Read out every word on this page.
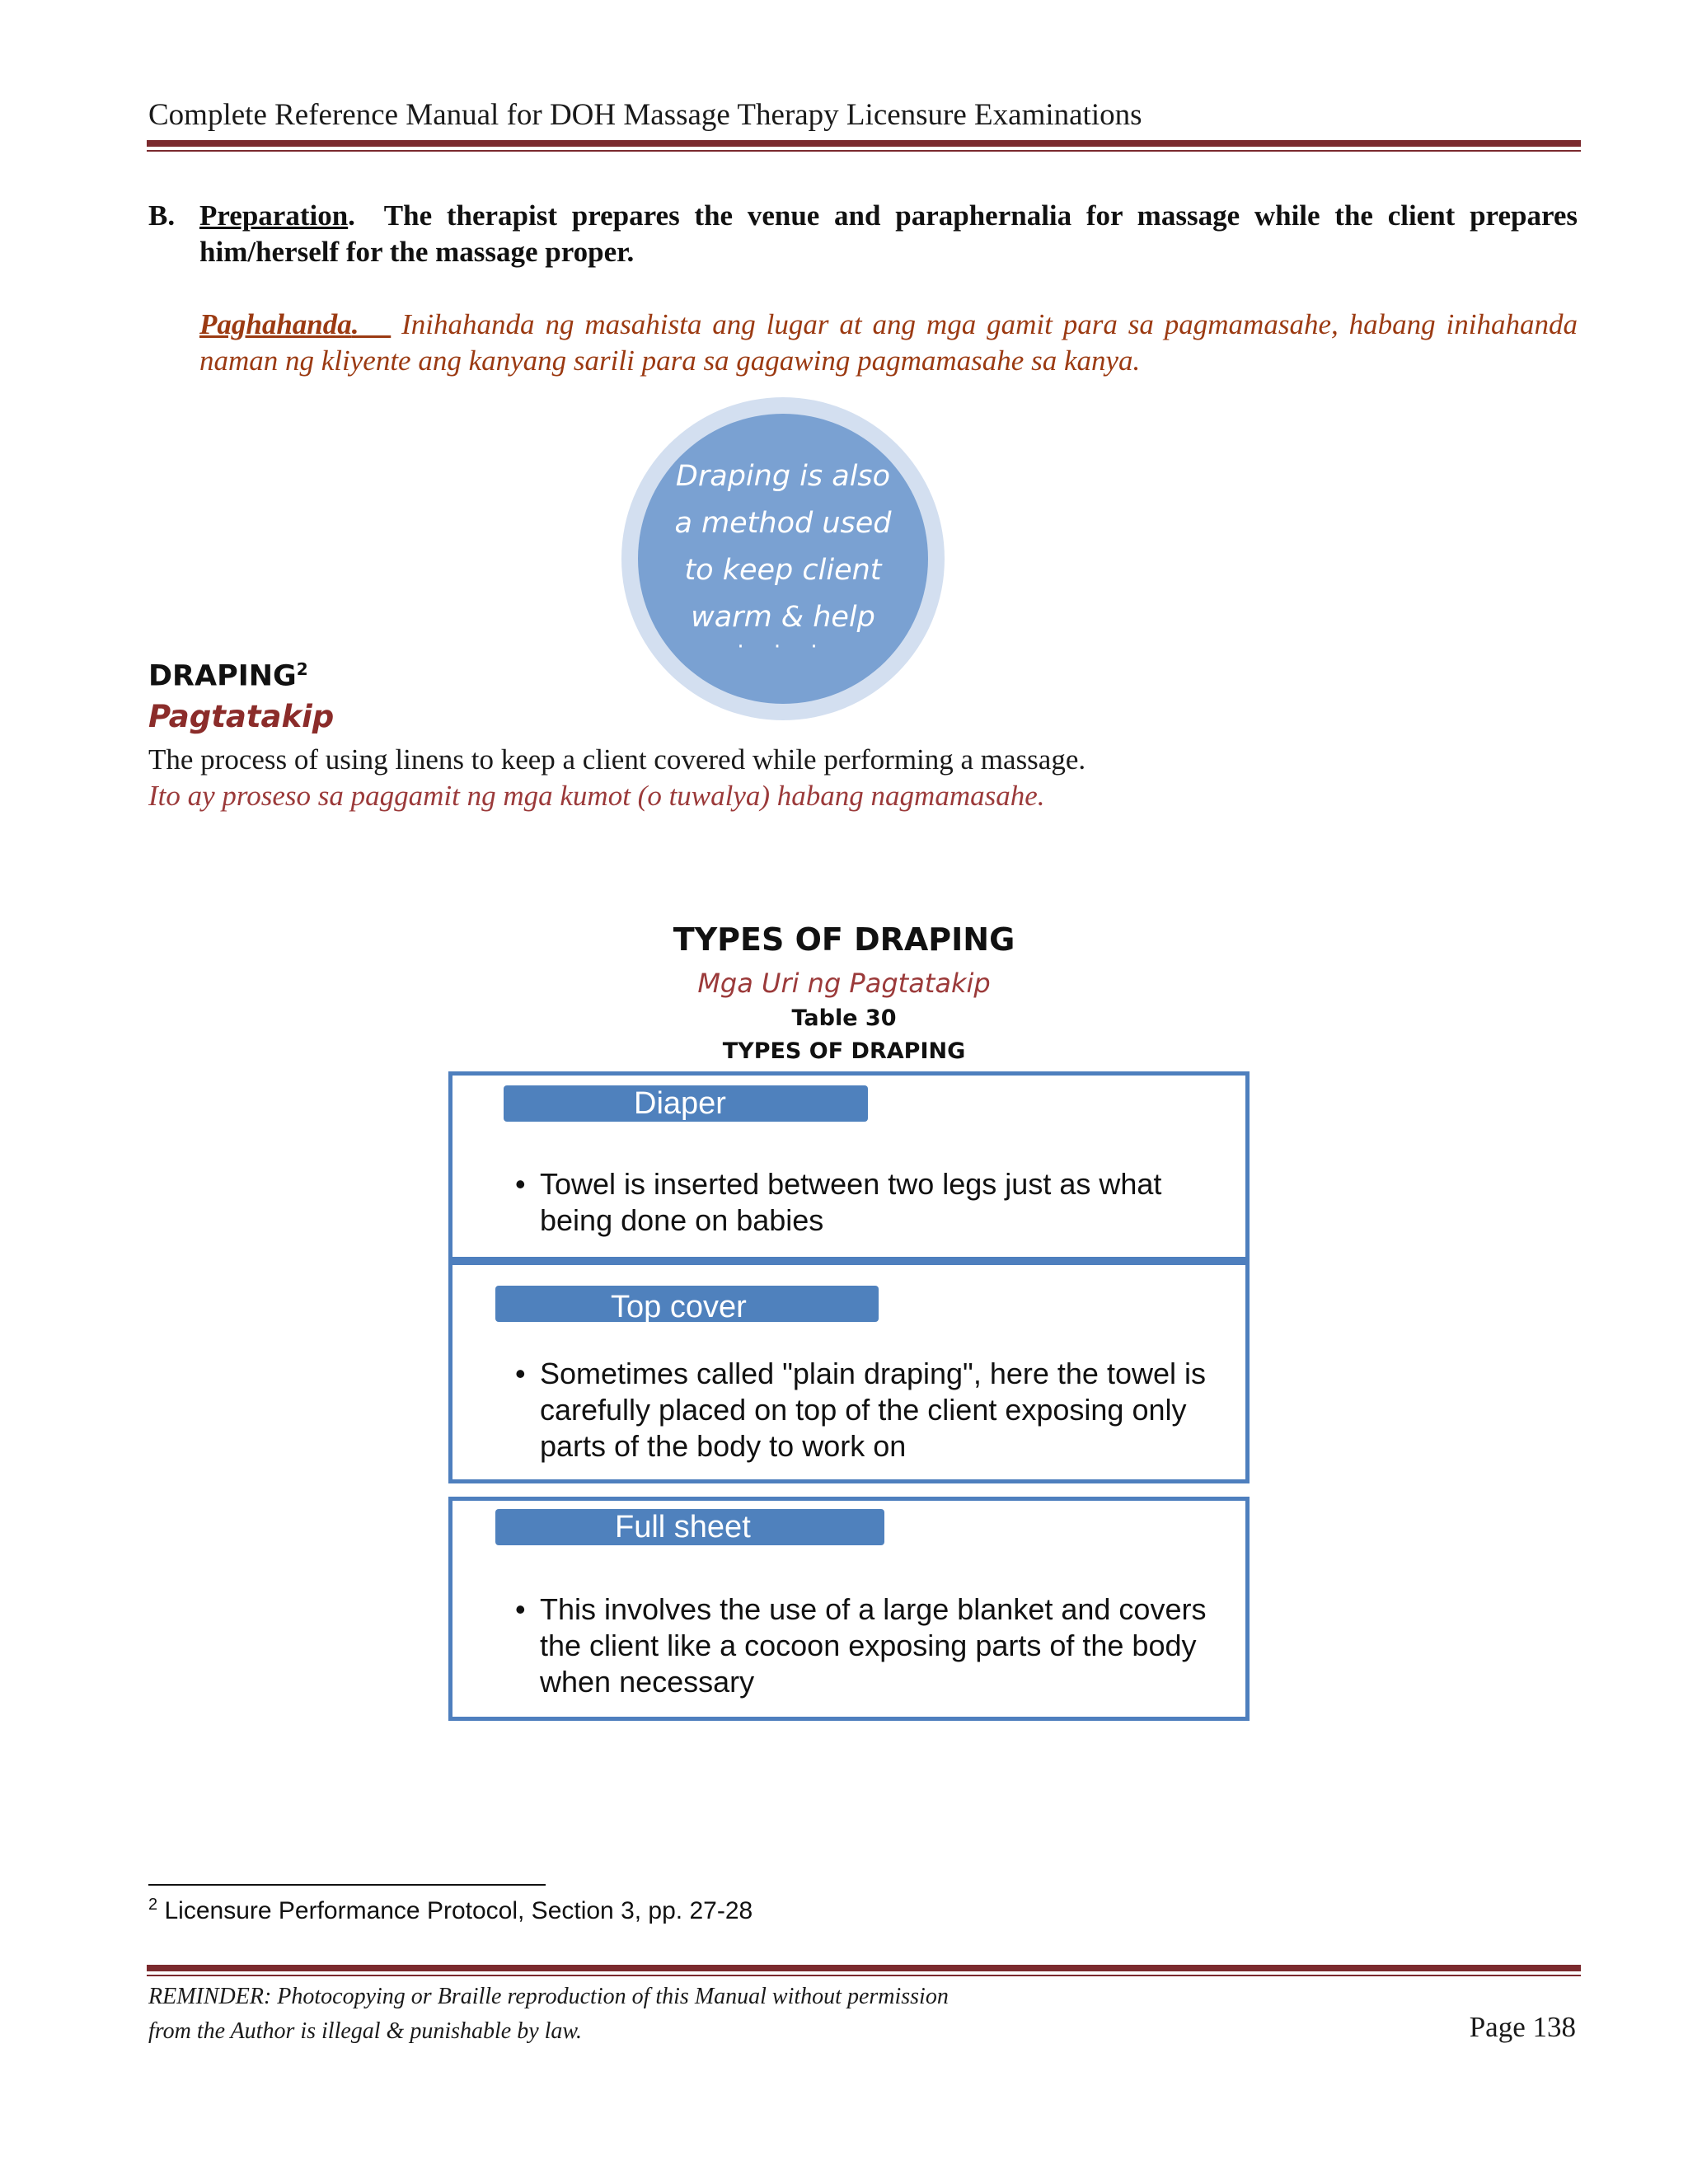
Complete Reference Manual for DOH Massage Therapy Licensure Examinations
B. Preparation.  The therapist prepares the venue and paraphernalia for massage while the client prepares him/herself for the massage proper.
Paghahanda.    Inihahanda ng masahista ang lugar at ang mga gamit para sa pagmamasahe, habang inihahanda naman ng kliyente ang kanyang sarili para sa gagawing pagmamasahe sa kanya.
Draping is also
a method used
to keep client
warm & help
· · ·
$DRAPING^2$
Pagtatakip
The process of using linens to keep a client covered while performing a massage.
Ito ay proseso sa paggamit ng mga kumot (o tuwalya) habang nagmamasahe.
TYPES OF DRAPING
Mga Uri ng Pagtatakip
Table 30
TYPES OF DRAPING
Diaper
• Towel is inserted between two legs just as what being done on babies
Top cover
• Sometimes called "plain draping", here the towel is carefully placed on top of the client exposing only parts of the body to work on
Full sheet
• This involves the use of a large blanket and covers the client like a cocoon exposing parts of the body when necessary
$^2$ Licensure Performance Protocol, Section 3, pp. 27-28
REMINDER: Photocopying or Braille reproduction of this Manual without permission
from the Author is illegal & punishable by law.	Page 138
